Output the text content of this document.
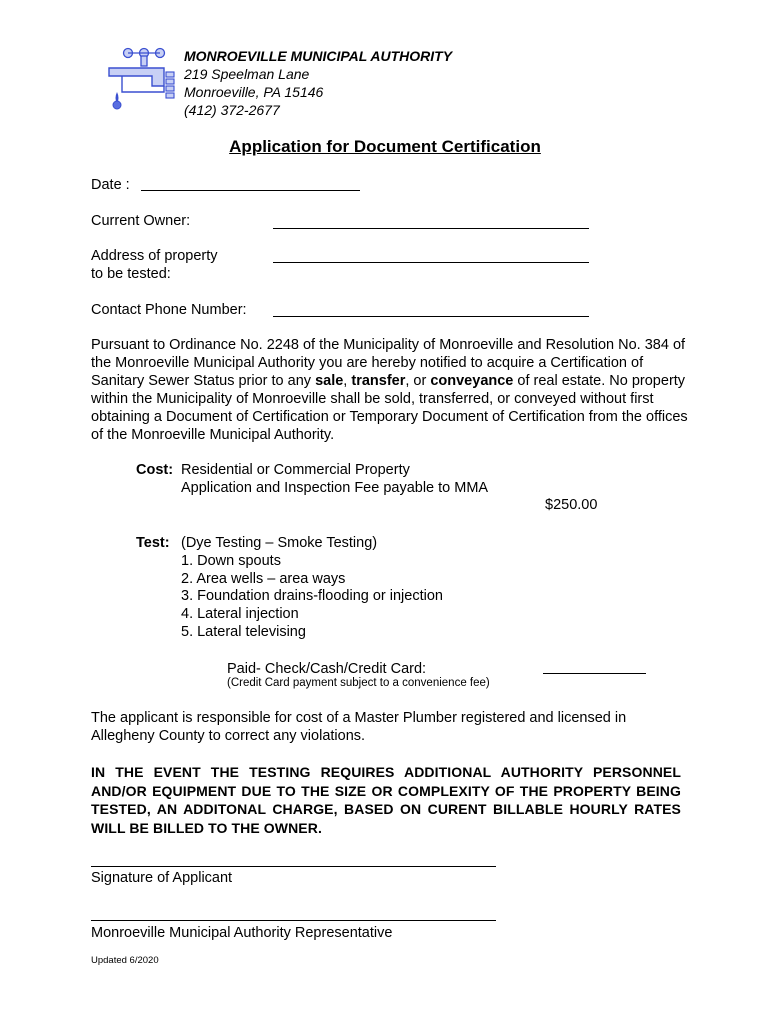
MONROEVILLE MUNICIPAL AUTHORITY
219 Speelman Lane
Monroeville, PA 15146
(412) 372-2677
Application for Document Certification
Date :
Current Owner:
Address of property
to be tested:
Contact Phone Number:
Pursuant to Ordinance No. 2248 of the Municipality of Monroeville and Resolution No. 384 of the Monroeville Municipal Authority you are hereby notified to acquire a Certification of Sanitary Sewer Status prior to any sale, transfer, or conveyance of real estate. No property within the Municipality of Monroeville shall be sold, transferred, or conveyed without first obtaining a Document of Certification or Temporary Document of Certification from the offices of the Monroeville Municipal Authority.
Cost: Residential or Commercial Property
Application and Inspection Fee payable to MMA
$250.00
Test: (Dye Testing – Smoke Testing)
1. Down spouts
2. Area wells – area ways
3. Foundation drains-flooding or injection
4. Lateral injection
5. Lateral televising
Paid- Check/Cash/Credit Card:
(Credit Card payment subject to a convenience fee)
The applicant is responsible for cost of a Master Plumber registered and licensed in Allegheny County to correct any violations.
IN THE EVENT THE TESTING REQUIRES ADDITIONAL AUTHORITY PERSONNEL AND/OR EQUIPMENT DUE TO THE SIZE OR COMPLEXITY OF THE PROPERTY BEING TESTED, AN ADDITONAL CHARGE, BASED ON CURENT BILLABLE HOURLY RATES WILL BE BILLED TO THE OWNER.
Signature of Applicant
Monroeville Municipal Authority Representative
Updated 6/2020
